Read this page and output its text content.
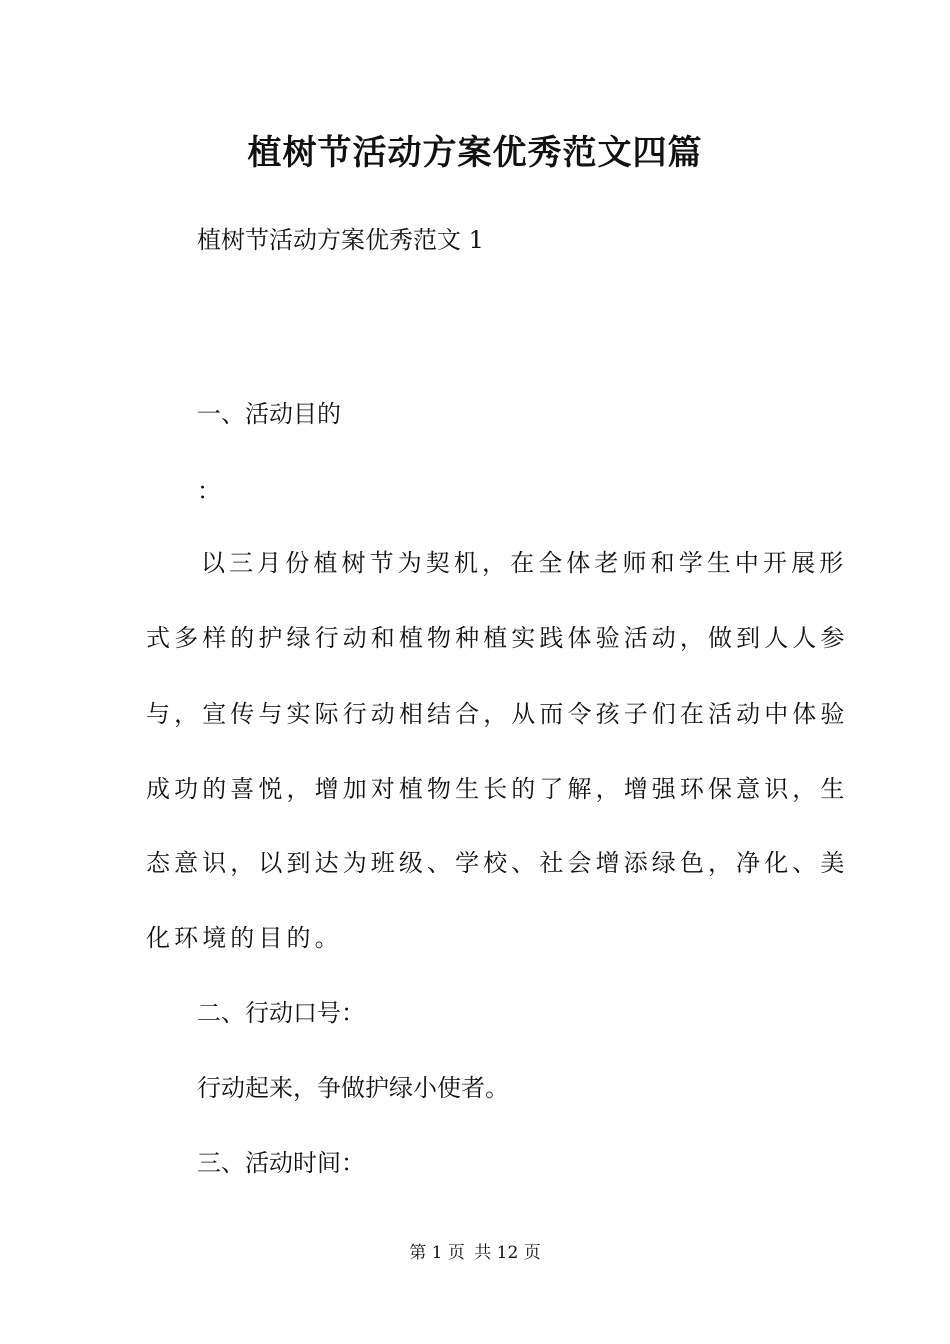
植树节活动方案优秀范文四篇
植树节活动方案优秀范文 1
一、活动目的
：
以三月份植树节为契机，在全体老师和学生中开展形
式多样的护绿行动和植物种植实践体验活动，做到人人参
与，宣传与实际行动相结合，从而令孩子们在活动中体验
成功的喜悦，增加对植物生长的了解，增强环保意识，生
态意识，以到达为班级、学校、社会增添绿色，净化、美
化环境的目的。
二、行动口号：
行动起来，争做护绿小使者。
三、活动时间：
第 1 页 共 12 页
